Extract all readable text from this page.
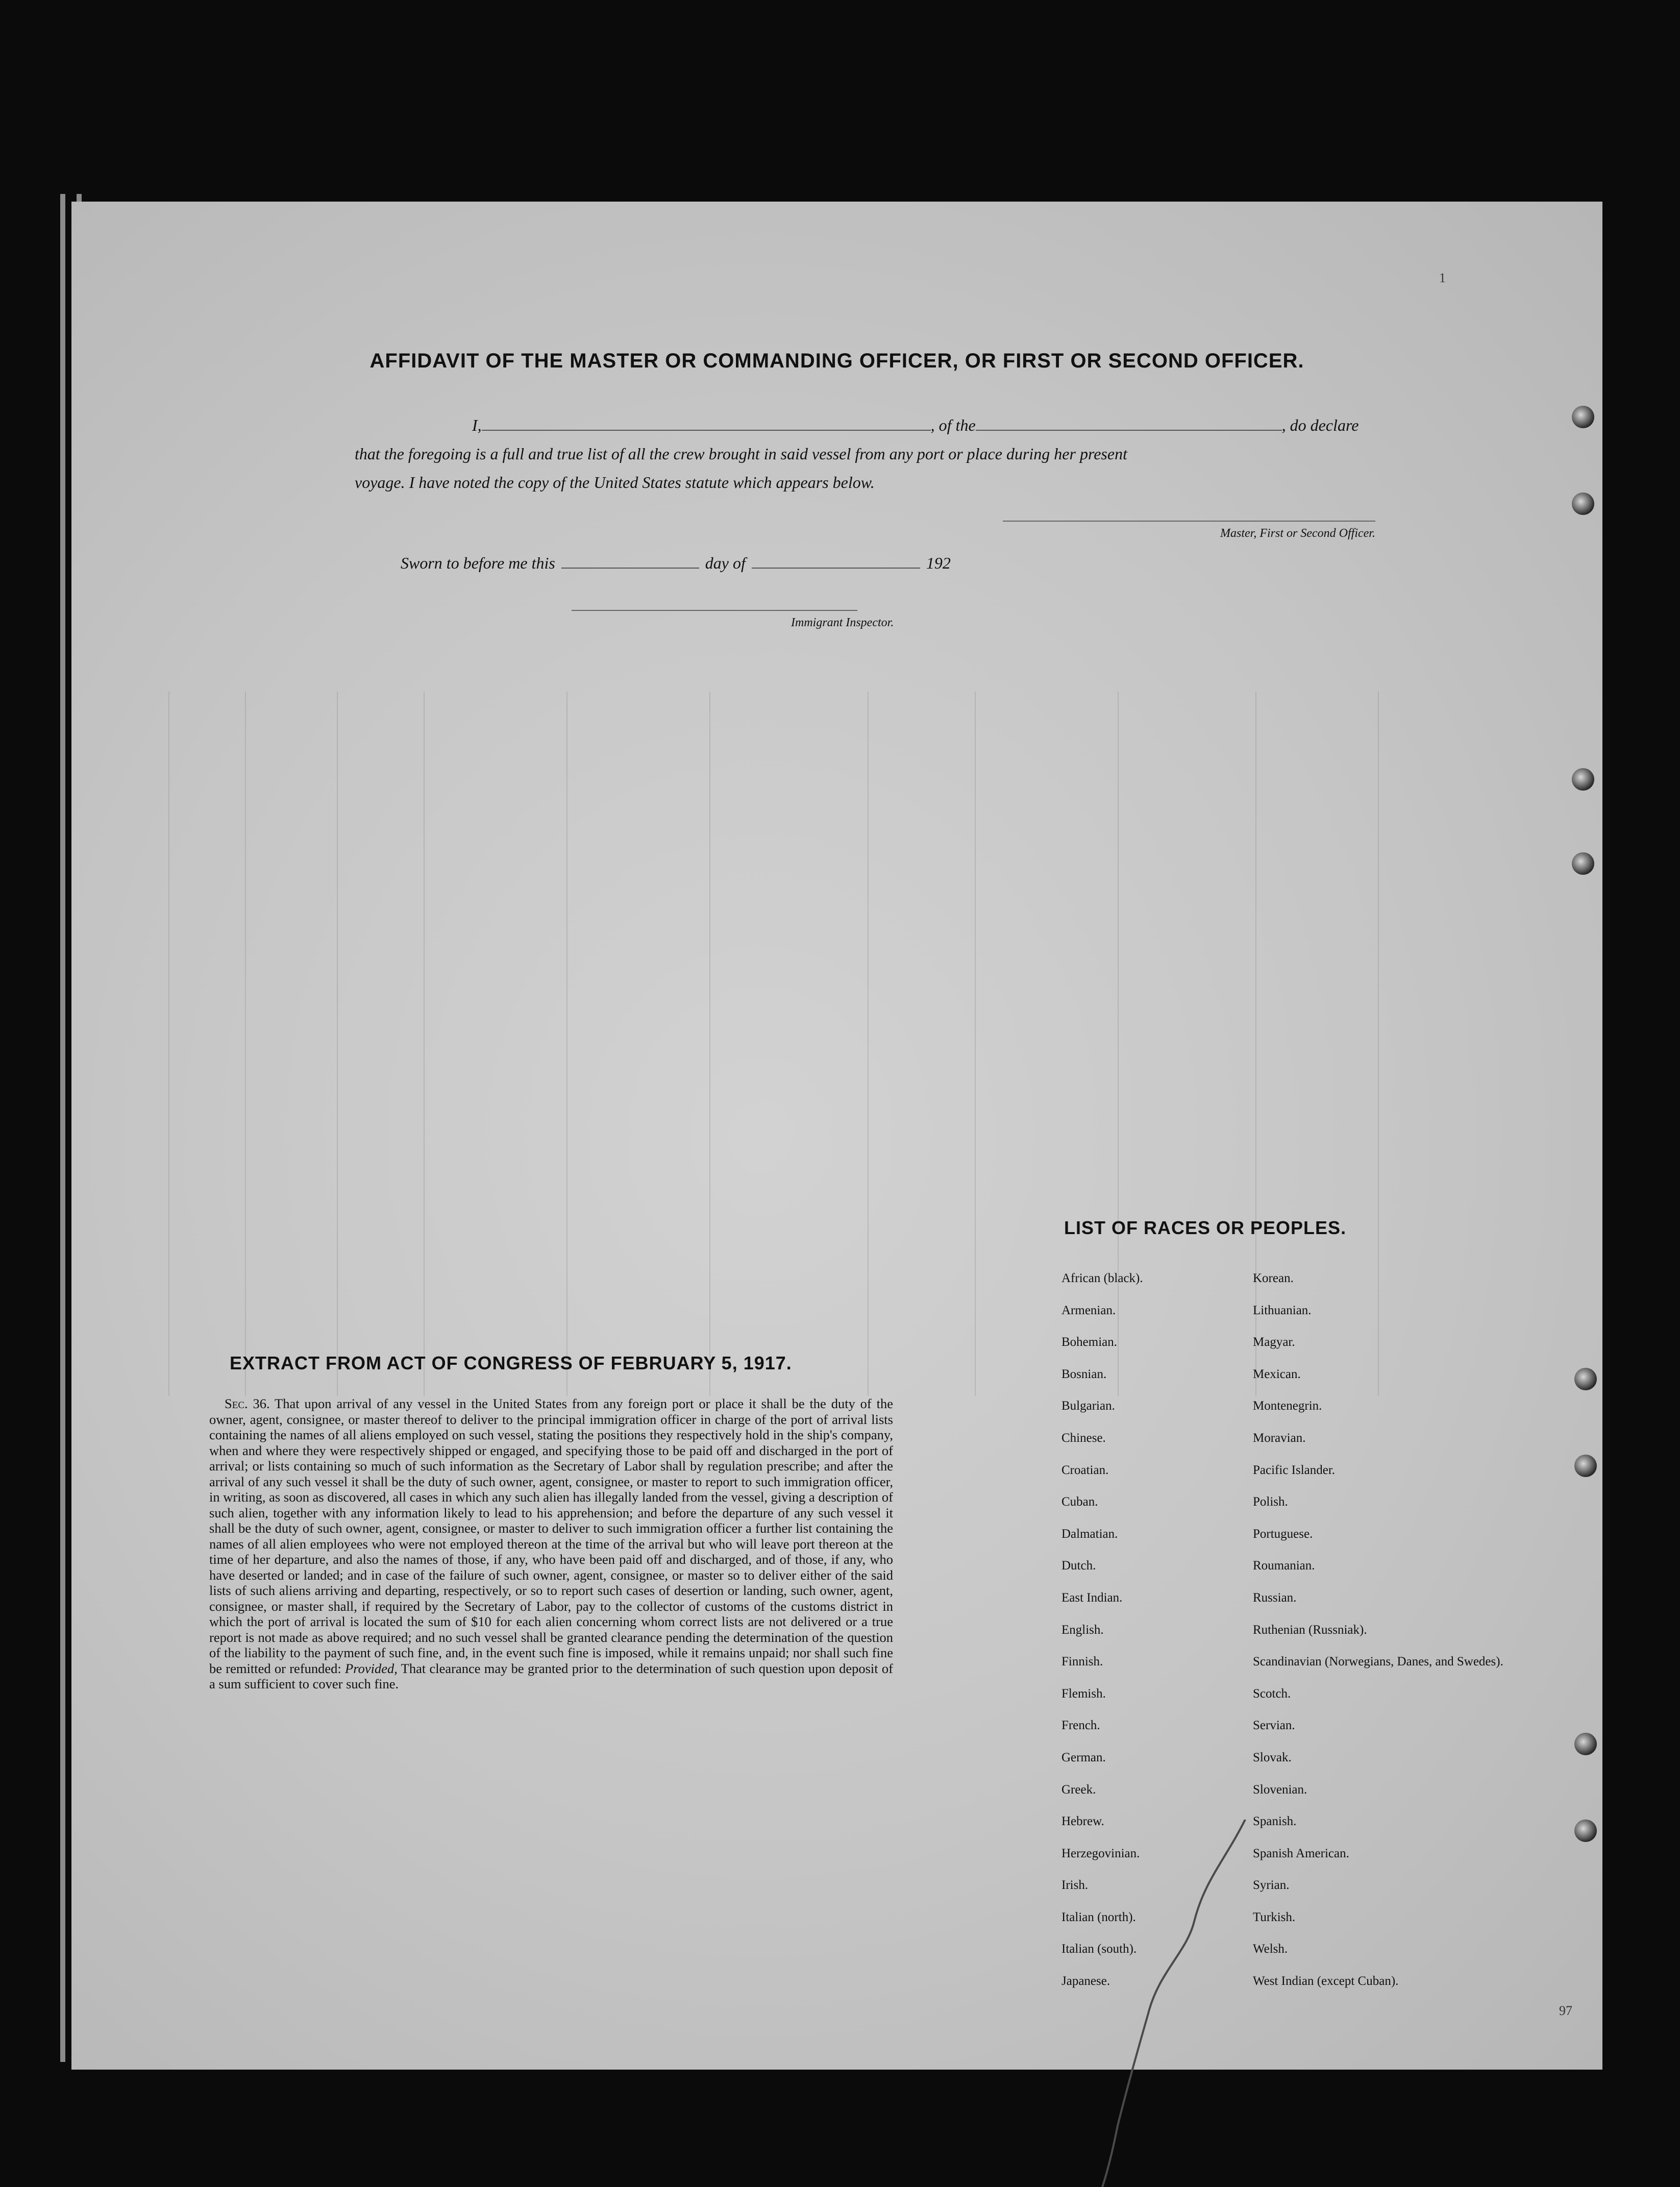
AFFIDAVIT OF THE MASTER OR COMMANDING OFFICER, OR FIRST OR SECOND OFFICER.
I,	, of the	, do declare
that the foregoing is a full and true list of all the crew brought in said vessel from any port or place during her present
voyage. I have noted the copy of the United States statute which appears below.
Master, First or Second Officer.
Sworn to before me this	day of	192
Immigrant Inspector.
EXTRACT FROM ACT OF CONGRESS OF FEBRUARY 5, 1917.

Sec. 36. That upon arrival of any vessel in the United States from any foreign port or place it shall be the duty of the owner, agent, consignee, or master thereof to deliver to the principal immigration officer in charge of the port of arrival lists containing the names of all aliens employed on such vessel, stating the positions they respectively hold in the ship's company, when and where they were respectively shipped or engaged, and specifying those to be paid off and discharged in the port of arrival; or lists containing so much of such information as the Secretary of Labor shall by regulation prescribe; and after the arrival of any such vessel it shall be the duty of such owner, agent, consignee, or master to report to such immigration officer, in writing, as soon as discovered, all cases in which any such alien has illegally landed from the vessel, giving a description of such alien, together with any information likely to lead to his apprehension; and before the departure of any such vessel it shall be the duty of such owner, agent, consignee, or master to deliver to such immigration officer a further list containing the names of all alien employees who were not employed thereon at the time of the arrival but who will leave port thereon at the time of her departure, and also the names of those, if any, who have been paid off and discharged, and of those, if any, who have deserted or landed; and in case of the failure of such owner, agent, consignee, or master so to deliver either of the said lists of such aliens arriving and departing, respectively, or so to report such cases of desertion or landing, such owner, agent, consignee, or master shall, if required by the Secretary of Labor, pay to the collector of customs of the customs district in which the port of arrival is located the sum of $10 for each alien concerning whom correct lists are not delivered or a true report is not made as above required; and no such vessel shall be granted clearance pending the determination of the question of the liability to the payment of such fine, and, in the event such fine is imposed, while it remains unpaid; nor shall such fine be remitted or refunded: Provided, That clearance may be granted prior to the determination of such question upon deposit of a sum sufficient to cover such fine.

LIST OF RACES OR PEOPLES.
African (black).
Armenian.
Bohemian.
Bosnian.
Bulgarian.
Chinese.
Croatian.
Cuban.
Dalmatian.
Dutch.
East Indian.
English.
Finnish.
Flemish.
French.
German.
Greek.
Hebrew.
Herzegovinian.
Irish.
Italian (north).
Italian (south).
Japanese.
Korean.
Lithuanian.
Magyar.
Mexican.
Montenegrin.
Moravian.
Pacific Islander.
Polish.
Portuguese.
Roumanian.
Russian.
Ruthenian (Russniak).
Scandinavian (Norwegians, Danes, and Swedes).
Scotch.
Servian.
Slovak.
Slovenian.
Spanish.
Spanish American.
Syrian.
Turkish.
Welsh.
West Indian (except Cuban).
1
97
